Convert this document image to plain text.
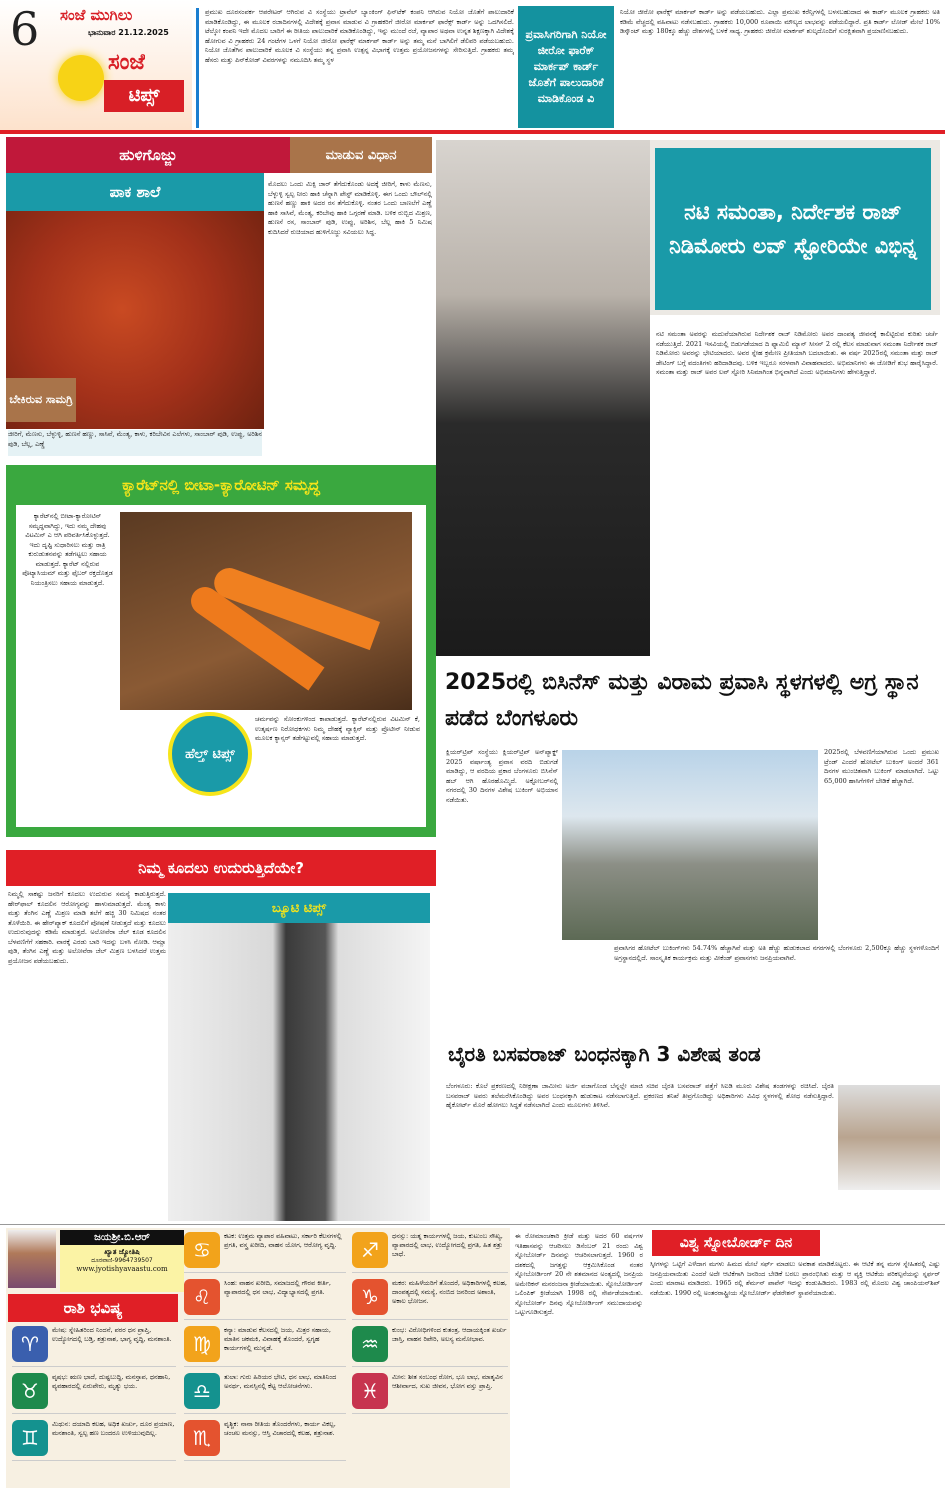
6 ಸಂಜೆ ಮುಗಿಲು
ಭಾನುವಾರ 21.12.2025
ಸಂಜೆ
ಟಿಪ್ಸ್
ಪ್ರಮುಖ ದೂರಸಂಪರ್ಕ ಆಪರೇಟರ್ ಆಗಿರುವ ವಿ ಸಂಸ್ಥೆಯು ಟ್ರಾವೆಲ್ ಬ್ಯಾಂಕಿಂಗ್ ಫಿನ್‌ಟೆಕ್ ಕಂಪನಿ ಆಗಿರುವ ನಿಯೋ ಜೊತೆಗೆ ಪಾಲುದಾರಿಕೆ ಮಾಡಿಕೊಂಡಿದ್ದು, ಈ ಮೂಲಕ ರಜಾದಿನಗಳಲ್ಲಿ ವಿದೇಶಕ್ಕೆ ಪ್ರವಾಸ ಮಾಡುವ ವಿ ಗ್ರಾಹಕರಿಗೆ ಜೀರೋ ಮಾರ್ಕಪ್ ಫಾರೆಕ್ಸ್ ಕಾರ್ಡ್ ಅನ್ನು ಒದಗಿಸಲಿದೆ. ಟೆಲ್ಕೋ ಕಂಪನಿ ಇದೇ ಮೊದಲ ಬಾರಿಗೆ ಈ ರೀತಿಯ ಪಾಲುದಾರಿಕೆ ಮಾಡಿಕೊಂಡಿದ್ದು, ಇನ್ನು ಮುಂದೆ ರಜೆ, ವ್ಯಾಪಾರ ಅಥವಾ ಉನ್ನತ ಶಿಕ್ಷಣಕ್ಕಾಗಿ ವಿದೇಶಕ್ಕೆ ಹೋಗುವ ವಿ ಗ್ರಾಹಕರು 24 ಗಂಟೆಗಳ ಒಳಗೆ ನಿಯೋ ಜೀರೋ ಫಾರೆಕ್ಸ್ ಮಾರ್ಕಪ್ ಕಾರ್ಡ್ ಅನ್ನು ತಮ್ಮ ಮನೆ ಬಾಗಿಲಿಗೆ ಡೆಲಿವರಿ ಪಡೆಯಬಹುದು. ನಿಯೋ ಜೊತೆಗಿನ ಪಾಲುದಾರಿಕೆ ಮೂಲಕ ವಿ ಸಂಸ್ಥೆಯು ತನ್ನ ಪ್ರವಾಸಿ ಉತ್ಪನ್ನ ವಿಭಾಗಕ್ಕೆ ಉತ್ತಮ ಪ್ರಯೋಜನಗಳನ್ನು ಸೇರಿಸುತ್ತಿದೆ. ಗ್ರಾಹಕರು ತಮ್ಮ ಹೆಸರು ಮತ್ತು ಪಿನ್‌ಕೋಡ್ ವಿವರಗಳನ್ನು ನಮೂದಿಸಿ ತಮ್ಮ ಸ್ಥಳ
ಪ್ರವಾಸಿಗರಿಗಾಗಿ ನಿಯೋ ಜೀರೋ ಫಾರೆಕ್ ಮಾರ್ಕಪ್ ಕಾರ್ಡ್ ಜೊತೆಗೆ ಪಾಲುದಾರಿಕೆ ಮಾಡಿಕೊಂಡ ವಿ
ನಿಯೋ ಜೀರೋ ಫಾರೆಕ್ಸ್ ಮಾರ್ಕಪ್ ಕಾರ್ಡ್ ಅನ್ನು ಪಡೆಯಬಹುದು. ಎಲ್ಲಾ ಪ್ರಮುಖ ಕರೆನ್ಸಿಗಳಲ್ಲಿ ಬಳಸಬಹುದಾದ ಈ ಕಾರ್ಡ್ ಮೂಲಕ ಗ್ರಾಹಕರು ಅತಿ ಕಡಿಮೆ ವೆಚ್ಚದಲ್ಲಿ ವಹಿವಾಟು ನಡೆಸಬಹುದು. ಗ್ರಾಹಕರು 10,000 ರೂಪಾಯಿ ಮೌಲ್ಯದ ಲಾಭವನ್ನು ಪಡೆಯಲಿದ್ದಾರೆ. ಪ್ರತಿ ಕಾರ್ಡ್ ಲೋಡ್ ಮೇಲೆ 10% ಡಿಸ್ಕೌಂಟ್ ಮತ್ತು 180ಕ್ಕೂ ಹೆಚ್ಚು ದೇಶಗಳಲ್ಲಿ ಬಳಕೆ ಸಾಧ್ಯ. ಗ್ರಾಹಕರು ಜೀರೋ ಮಾರ್ಕಪ್ ಶುಲ್ಕದೊಂದಿಗೆ ಸುರಕ್ಷಿತವಾಗಿ ಪ್ರಯಾಣಿಸಬಹುದು.
ಹುಳಿಗೊಜ್ಜು	ಮಾಡುವ ವಿಧಾನ
ಪಾಕ ಶಾಲೆ
ಬೇಕಿರುವ ಸಾಮಗ್ರಿ
ಜೀರಿಗೆ, ಮೆಣಸು, ಬೆಳ್ಳುಳ್ಳಿ, ಹುಣಸೆ ಹಣ್ಣು, ಸಾಸಿವೆ, ಮೆಂತ್ಯ, ಕಾಳು, ಕರಿಬೇವಿನ ಎಲೆಗಳು, ಸಾಂಬಾರ್ ಪುಡಿ, ಉಪ್ಪು, ಅರಿಶಿನ ಪುಡಿ, ಬೆಲ್ಲ, ಎಣ್ಣೆ
ಮೊದಲು ಒಂದು ಮಿಕ್ಸಿ ಜಾರ್ ತೆಗೆದುಕೊಂಡು ಅದಕ್ಕೆ ಜೀರಿಗೆ, ಕಾಳು ಮೆಣಸು, ಬೆಳ್ಳುಳ್ಳಿ ಸ್ವಲ್ಪ ನೀರು ಹಾಕಿ ಚೆನ್ನಾಗಿ ಪೇಸ್ಟ್ ಮಾಡಿಕೊಳ್ಳಿ. ಈಗ ಒಂದು ಬೌಲ್‌ನಲ್ಲಿ ಹುಣಸೆ ಹಣ್ಣು ಹಾಕಿ ಅದರ ರಸ ತೆಗೆದುಕೊಳ್ಳಿ. ನಂತರ ಒಂದು ಬಾಣಲೆಗೆ ಎಣ್ಣೆ ಹಾಕಿ ಸಾಸಿವೆ, ಮೆಂತ್ಯ, ಕರಿಬೇವು ಹಾಕಿ ಒಗ್ಗರಣೆ ಮಾಡಿ. ಬಳಿಕ ರುಬ್ಬಿದ ಮಿಶ್ರಣ, ಹುಣಸೆ ರಸ, ಸಾಂಬಾರ್ ಪುಡಿ, ಉಪ್ಪು, ಅರಿಶಿನ, ಬೆಲ್ಲ ಹಾಕಿ 5 ನಿಮಿಷ ಕುದಿಸಿದರೆ ರುಚಿಯಾದ ಹುಳಿಗೊಜ್ಜು ಸವಿಯಲು ಸಿದ್ಧ.
ಕ್ಯಾರೆಟ್‌ನಲ್ಲಿ ಬೀಟಾ-ಕ್ಯಾರೋಟಿನ್ ಸಮೃದ್ಧ
ಕ್ಯಾರೆಟ್‌ನಲ್ಲಿ ಬೀಟಾ-ಕ್ಯಾರೋಟಿನ್ ಸಮೃದ್ಧವಾಗಿದ್ದು, ಇದು ನಮ್ಮ ದೇಹವು ವಿಟಮಿನ್ ಎ ಆಗಿ ಪರಿವರ್ತಿಸಿಕೊಳ್ಳುತ್ತದೆ. ಇದು ದೃಷ್ಟಿ ಸುಧಾರಿಸಲು ಮತ್ತು ರಾತ್ರಿ ಕುರುಡುತನವನ್ನು ತಡೆಗಟ್ಟಲು ಸಹಾಯ ಮಾಡುತ್ತದೆ. ಕ್ಯಾರೆಟ್ ನಲ್ಲಿರುವ ಪೊಟ್ಯಾಸಿಯಮ್ ಮತ್ತು ಫೈಬರ್ ರಕ್ತದೊತ್ತಡ ನಿಯಂತ್ರಿಸಲು ಸಹಾಯ ಮಾಡುತ್ತದೆ.
ಹೆಲ್ತ್ ಟಿಪ್ಸ್
ಚರ್ಮವನ್ನು ಸೋಂಕುಗಳಿಂದ ಕಾಪಾಡುತ್ತದೆ. ಕ್ಯಾರೆಟ್‌ನಲ್ಲಿರುವ ವಿಟಮಿನ್ ಕೆ, ಉತ್ಕರ್ಷಣ ನಿರೋಧಕಗಳು ನಿಮ್ಮ ದೇಹಕ್ಕೆ ವ್ಯಾಕ್ಸಿನ್ ಮತ್ತು ಪ್ರೊಟೀನ್ ನೀಡುವ ಮೂಲಕ ಕ್ಯಾನ್ಸರ್ ತಡೆಗಟ್ಟುವಲ್ಲಿ ಸಹಾಯ ಮಾಡುತ್ತದೆ.
ನಿಮ್ಮ ಕೂದಲು ಉದುರುತ್ತಿದೆಯೇ?
ನಿಮ್ಮಲ್ಲಿ ಸಾಕಷ್ಟು ಜನರಿಗೆ ಕೂದಲು ಉದುರುವ ಸಮಸ್ಯೆ ಕಾಡುತ್ತಿರುತ್ತದೆ. ಹೇರ್‌ಫಾಲ್ ಕೂದಲಿನ ಆರೋಗ್ಯವನ್ನು ಹಾಳುಮಾಡುತ್ತದೆ. ಮೆಂತ್ಯ ಕಾಳು ಮತ್ತು ತೆಂಗಿನ ಎಣ್ಣೆ ಮಿಶ್ರಣ ಮಾಡಿ ತಲೆಗೆ ಹಚ್ಚಿ 30 ನಿಮಿಷದ ನಂತರ ತೊಳೆಯಿರಿ. ಈ ಹೇರ್‌ಪ್ಯಾಕ್ ಕೂದಲಿಗೆ ಪೋಷಣೆ ನೀಡುತ್ತದೆ ಮತ್ತು ಕೂದಲು ಉದುರುವುದನ್ನು ಕಡಿಮೆ ಮಾಡುತ್ತದೆ. ಅಲೋವೆರಾ ಜೆಲ್ ಕೂಡ ಕೂದಲಿನ ಬೆಳವಣಿಗೆಗೆ ಸಹಕಾರಿ. ವಾರಕ್ಕೆ ಎರಡು ಬಾರಿ ಇದನ್ನು ಬಳಸಿ ನೋಡಿ. ಆಮ್ಲಾ ಪುಡಿ, ತೆಂಗಿನ ಎಣ್ಣೆ ಮತ್ತು ಅಲೋವೆರಾ ಜೆಲ್ ಮಿಶ್ರಣ ಬಳಸಿದರೆ ಉತ್ತಮ ಪ್ರಯೋಜನ ಪಡೆಯಬಹುದು.
ಬ್ಯೂಟಿ ಟಿಪ್ಸ್
ನಟಿ ಸಮಂತಾ, ನಿರ್ದೇಶಕ ರಾಜ್ ನಿಡಿಮೋರು ಲವ್ ಸ್ಟೋರಿಯೇ ವಿಭಿನ್ನ
ನಟಿ ಸಮಂತಾ ಅವರನ್ನು ಮದುವೆಯಾಗಿರುವ ನಿರ್ದೇಶಕ ರಾಜ್ ನಿಡಿಮೋರು ಅವರ ದಾಂಪತ್ಯ ಜೀವನಕ್ಕೆ ಕಾಲಿಟ್ಟಿರುವ ಕುರಿತು ಚರ್ಚೆ ನಡೆಯುತ್ತಿದೆ. 2021 ಇಸವಿಯಲ್ಲಿ ಬಿಡುಗಡೆಯಾದ ದಿ ಫ್ಯಾಮಿಲಿ ಮ್ಯಾನ್ ಸೀಸನ್ 2 ರಲ್ಲಿ ಕೆಲಸ ಮಾಡುವಾಗ ಸಮಂತಾ ನಿರ್ದೇಶಕ ರಾಜ್ ನಿಡಿಮೋರು ಅವರನ್ನು ಭೇಟಿಯಾದರು. ಅವರ ಸ್ನೇಹ ಕ್ರಮೇಣ ಪ್ರೀತಿಯಾಗಿ ಬದಲಾಯಿತು. ಈ ವರ್ಷ 2025ರಲ್ಲಿ ಸಮಂತಾ ಮತ್ತು ರಾಜ್ ಡೇಟಿಂಗ್ ಬಗ್ಗೆ ವದಂತಿಗಳು ಹರಿದಾಡಿದವು. ಬಳಿಕ ಇಬ್ಬರೂ ಸರಳವಾಗಿ ವಿವಾಹವಾದರು. ಅಭಿಮಾನಿಗಳು ಈ ಜೋಡಿಗೆ ಶುಭ ಹಾರೈಸಿದ್ದಾರೆ. ಸಮಂತಾ ಮತ್ತು ರಾಜ್ ಅವರ ಲವ್ ಸ್ಟೋರಿ ಸಿನಿಮಾಗಿಂತ ಭಿನ್ನವಾಗಿದೆ ಎಂದು ಅಭಿಮಾನಿಗಳು ಹೇಳುತ್ತಿದ್ದಾರೆ.
2025ರಲ್ಲಿ ಬಿಸಿನೆಸ್ ಮತ್ತು ವಿರಾಮ ಪ್ರವಾಸಿ ಸ್ಥಳಗಳಲ್ಲಿ ಅಗ್ರ ಸ್ಥಾನ ಪಡೆದ ಬೆಂಗಳೂರು
ಕ್ಲಿಯರ್‌ಟ್ರಿಪ್ ಸಂಸ್ಥೆಯು ಕ್ಲಿಯರ್‌ಟ್ರಿಪ್ ಅನ್‌ಪ್ಯಾಕ್ಡ್ 2025 ವರ್ಷಾಂತ್ಯ ಪ್ರವಾಸ ವರದಿ ಬಿಡುಗಡೆ ಮಾಡಿದ್ದು, ಆ ವರದಿಯ ಪ್ರಕಾರ ಬೆಂಗಳೂರು ಬಿಸಿನೆಸ್ ಹಬ್ ಆಗಿ ಹೊರಹೊಮ್ಮಿದೆ. ಅಕ್ಟೋಬರ್‌ನಲ್ಲಿ ನಗರದಲ್ಲಿ 30 ದಿನಗಳ ವಿಶೇಷ ಬುಕಿಂಗ್ ಅಭಿಯಾನ ನಡೆಯಿತು.
2025ರಲ್ಲಿ ಬೆಳವಣಿಗೆಯಾಗಿರುವ ಒಂದು ಪ್ರಮುಖ ಟ್ರೆಂಡ್ ಎಂದರೆ ಹೋಟೆಲ್ ಬುಕಿಂಗ್ ಅಂದರೆ 361 ದಿನಗಳ ಮುಂಚಿತವಾಗಿ ಬುಕಿಂಗ್ ಮಾಡಲಾಗಿದೆ. ಒಟ್ಟು 65,000 ಹಾಸಿಗೆಗಳಿಗೆ ಬೇಡಿಕೆ ಹೆಚ್ಚಾಗಿದೆ.
ಪ್ರವಾಸಿಗರ ಹೋಟೆಲ್ ಬುಕಿಂಗ್‌ಗಳು 54.74% ಹೆಚ್ಚಾಗಿವೆ ಮತ್ತು ಅತಿ ಹೆಚ್ಚು ಹುಡುಕಲಾದ ನಗರಗಳಲ್ಲಿ ಬೆಂಗಳೂರು 2,500ಕ್ಕೂ ಹೆಚ್ಚು ಸ್ಥಳಗಳೊಂದಿಗೆ ಅಗ್ರಸ್ಥಾನದಲ್ಲಿದೆ. ಸಾಂಸ್ಕೃತಿಕ ಕಾರ್ಯಕ್ರಮ ಮತ್ತು ವೀಕೆಂಡ್ ಪ್ರವಾಸಗಳು ಜನಪ್ರಿಯವಾಗಿವೆ.
ಬೈರತಿ ಬಸವರಾಜ್ ಬಂಧನಕ್ಕಾಗಿ 3 ವಿಶೇಷ ತಂಡ
ಬೆಂಗಳೂರು: ಕೊಲೆ ಪ್ರಕರಣದಲ್ಲಿ ನಿರೀಕ್ಷಣಾ ಜಾಮೀನು ಅರ್ಜಿ ವಜಾಗೊಂಡ ಬೆನ್ನಲ್ಲೇ ಮಾಜಿ ಸಚಿವ ಬೈರತಿ ಬಸವರಾಜ್ ಪತ್ತೆಗೆ ಸಿಐಡಿ ಮೂರು ವಿಶೇಷ ತಂಡಗಳನ್ನು ರಚಿಸಿದೆ. ಬೈರತಿ ಬಸವರಾಜ್ ಅವರು ತಲೆಮರೆಸಿಕೊಂಡಿದ್ದು ಅವರ ಬಂಧನಕ್ಕಾಗಿ ಹುಡುಕಾಟ ನಡೆಸಲಾಗುತ್ತಿದೆ. ಪ್ರಕರಣದ ತನಿಖೆ ತೀವ್ರಗೊಂಡಿದ್ದು ಅಧಿಕಾರಿಗಳು ವಿವಿಧ ಸ್ಥಳಗಳಲ್ಲಿ ಶೋಧ ನಡೆಸುತ್ತಿದ್ದಾರೆ. ಹೈಕೋರ್ಟ್ ಮೊರೆ ಹೋಗಲು ಸಿದ್ಧತೆ ನಡೆಸಲಾಗಿದೆ ಎಂದು ಮೂಲಗಳು ತಿಳಿಸಿವೆ.
ಜಯಶ್ರೀ.ಬಿ.ಆರ್
ಖ್ಯಾತ ಜ್ಯೋತಿಷಿ
ದೂರವಾಣಿ-9964739507
www.jyotishyavaastu.com
ರಾಶಿ ಭವಿಷ್ಯ
♈
ಮೇಷ: ಸ್ನೇಹಿತರಿಂದ ನಿಂದನೆ, ಪರರ ಧನ ಪ್ರಾಪ್ತಿ, ಉದ್ಯೋಗದಲ್ಲಿ ಬಡ್ತಿ, ಶತ್ರುನಾಶ, ಭಾಗ್ಯ ವೃದ್ಧಿ, ಮನಶಾಂತಿ.
♉
ವೃಷಭ: ಋಣ ಭಾದೆ, ದುಷ್ಟಬುದ್ಧಿ, ಮನಸ್ತಾಪ, ಧನಹಾನಿ, ವ್ಯವಹಾರದಲ್ಲಿ ಏರುಪೇರು, ಮೃತ್ಯು ಭಯ.
♊
ಮಿಥುನ: ದಯಾದಿ ಕಲಹ, ಅಧಿಕ ಖರ್ಚು, ದೂರ ಪ್ರಯಾಣ, ಮನಶಾಂತಿ, ಸ್ವಲ್ಪ ಹಣ ಬಂದರೂ ಉಳಿಯುವುದಿಲ್ಲ.
♋
ಕಟಕ: ಉತ್ತಮ ವ್ಯಾಪಾರ ವಹಿವಾಟು, ಸರ್ಕಾರಿ ಕೆಲಸಗಳಲ್ಲಿ ಪ್ರಗತಿ, ವಸ್ತ್ರ ಖರೀದಿ, ವಾಹನ ಯೋಗ, ಆರೋಗ್ಯ ವೃದ್ಧಿ.
♌
ಸಿಂಹ: ವಾಹನ ಖರೀದಿ, ಸಮಾಜದಲ್ಲಿ ಗೌರವ ಕೀರ್ತಿ, ವ್ಯಾಪಾರದಲ್ಲಿ ಧನ ಲಾಭ, ವಿದ್ಯಾಭ್ಯಾಸದಲ್ಲಿ ಪ್ರಗತಿ.
♍
ಕನ್ಯಾ: ಮಾಡುವ ಕೆಲಸದಲ್ಲಿ ಜಯ, ಮಿತ್ರರ ಸಹಾಯ, ಮಾತಿನ ಚಕಮಕಿ, ವಿವಾಹಕ್ಕೆ ತೊಂದರೆ, ಸ್ವಗೃಹ ಕಾರ್ಯಗಳಲ್ಲಿ ಮುನ್ನಡೆ.
♎
ತುಲಾ: ಗುರು ಹಿರಿಯರ ಭೇಟಿ, ಧನ ಲಾಭ, ಮಾತಿನಿಂದ ಅನರ್ಥ, ಮನಸ್ಸಿನಲ್ಲಿ ಕೆಟ್ಟ ಆಲೋಚನೆಗಳು.
♏
ವೃಶ್ಚಿಕ: ನಾನಾ ರೀತಿಯ ತೊಂದರೆಗಳು, ಕಾರ್ಯ ವಿಕಲ್ಪ, ಚಂಚಲ ಮನಸ್ಸು, ಆಸ್ತಿ ವಿಚಾರದಲ್ಲಿ ಕಲಹ, ಶತ್ರುನಾಶ.
♐
ಧನಸ್ಸು: ಯತ್ನ ಕಾರ್ಯಗಳಲ್ಲಿ ಜಯ, ಕುಟುಂಬ ಸೌಖ್ಯ, ವ್ಯಾಪಾರದಲ್ಲಿ ಲಾಭ, ಉದ್ಯೋಗದಲ್ಲಿ ಪ್ರಗತಿ, ಹಿತ ಶತ್ರು ಬಾಧೆ.
♑
ಮಕರ: ಮಹಿಳೆಯರಿಗೆ ತೊಂದರೆ, ಅಧಿಕಾರಿಗಳಲ್ಲಿ ಕಲಹ, ದಾಂಪತ್ಯದಲ್ಲಿ ಸಮಸ್ಯೆ, ನಂಬಿದ ಜನರಿಂದ ಅಶಾಂತಿ, ಅಕಾಲ ಭೋಜನ.
♒
ಕುಂಭ: ವಿರೋಧಿಗಳಿಂದ ಕುತಂತ್ರ, ಆದಾಯಕ್ಕಿಂತ ಖರ್ಚು ಜಾಸ್ತಿ, ವಾಹನ ರಿಪೇರಿ, ಅಲಸ್ಯ ಮನೋಭಾವ.
♓
ಮೀನ: ಶೀತ ಸಂಬಂಧ ರೋಗ, ಭೂ ಲಾಭ, ಮಾತೃವಿನ ಆಶೀರ್ವಾದ, ಸುಖ ಜೀವನ, ಭೋಗ ವಸ್ತು ಪ್ರಾಪ್ತಿ.
ಈ ರೋಮಾಂಚಕಾರಿ ಕ್ರೀಡೆ ಮತ್ತು ಅದರ 60 ವರ್ಷಗಳ ಇತಿಹಾಸವನ್ನು ಆಚರಿಸಲು ಡಿಸೆಂಬರ್ 21 ರಂದು ವಿಶ್ವ ಸ್ನೋಬೋರ್ಡ್ ದಿನವನ್ನು ಆಚರಿಸಲಾಗುತ್ತದೆ. 1960 ರ ದಶಕದಲ್ಲಿ ಜಗತ್ತನ್ನು ಆಕ್ರಮಿಸಿಕೊಂಡ ನಂತರ ಸ್ನೋಬೋರ್ಡಿಂಗ್ 20 ನೇ ಶತಮಾನದ ಅಂತ್ಯದಲ್ಲಿ ಜನಪ್ರಿಯ ಅಮೇರಿಕನ್ ಮನರಂಜನಾ ಕ್ರೀಡೆಯಾಯಿತು. ಸ್ನೋಬೋರ್ಡಿಂಗ್ ಒಲಿಂಪಿಕ್ ಕ್ರೀಡೆಯಾಗಿ 1998 ರಲ್ಲಿ ಸೇರ್ಪಡೆಯಾಯಿತು. ಸ್ನೋಬೋರ್ಡ್ ದಿನವು ಸ್ನೋಬೋರ್ಡಿಂಗ್ ಸಮುದಾಯವನ್ನು ಒಟ್ಟುಗೂಡಿಸುತ್ತದೆ.
ವಿಶ್ವ ಸ್ನೋಬೋರ್ಡ್ ದಿನ
ಸ್ಕೀಗಳನ್ನು ಒಟ್ಟಿಗೆ ಎಳೆದಾಗ ಮಗಳು ಹಿಮದ ಮೇಲೆ ಸರ್ಫ್ ಮಾಡಲು ಅವಕಾಶ ಮಾಡಿಕೊಟ್ಟರು. ಈ ಆಟಿಕೆ ತನ್ನ ಮಗಳ ಸ್ನೇಹಿತರಲ್ಲಿ ಎಷ್ಟು ಜನಪ್ರಿಯವಾಯಿತು ಎಂದರೆ ಅದೇ ಆಟಿಕೆಗಾಗಿ ಜನರಿಂದ ಬೇಡಿಕೆ ಬರಲು ಪ್ರಾರಂಭಿಸಿತು ಮತ್ತು ಆ ವ್ಯಕ್ತಿ ಆಟಿಕೆಯ ಪರಿಕಲ್ಪನೆಯನ್ನು ಸ್ನರ್ಫರ್ ಎಂದು ಮಾರಾಟ ಮಾಡಿದರು. 1965 ರಲ್ಲಿ ಶೆರ್ಮನ್ ಪಾಪೆನ್ ಇದನ್ನು ಕಂಡುಹಿಡಿದರು. 1983 ರಲ್ಲಿ ಮೊದಲ ವಿಶ್ವ ಚಾಂಪಿಯನ್‌ಶಿಪ್ ನಡೆಯಿತು. 1990 ರಲ್ಲಿ ಅಂತರರಾಷ್ಟ್ರೀಯ ಸ್ನೋಬೋರ್ಡ್ ಫೆಡರೇಶನ್ ಸ್ಥಾಪನೆಯಾಯಿತು.
